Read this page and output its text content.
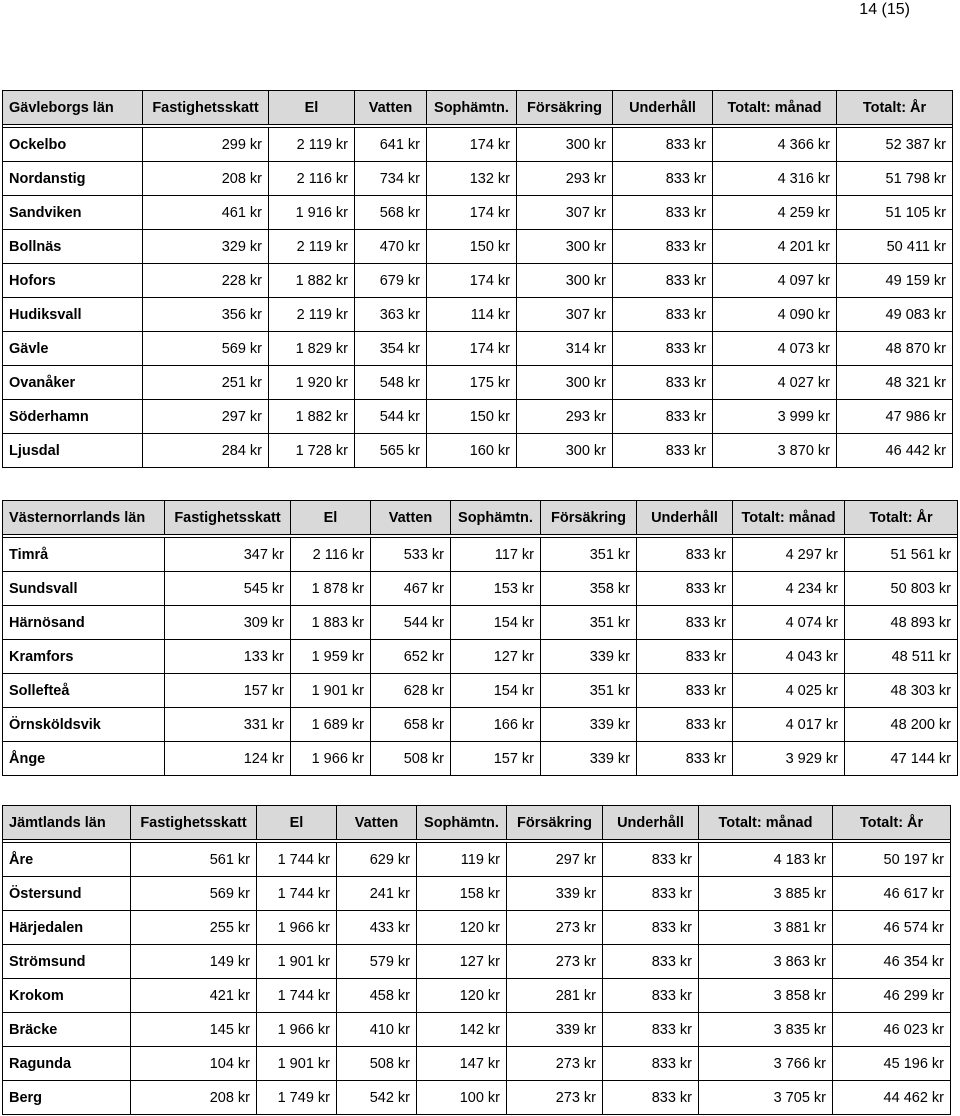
14 (15)
Gävleborgs län	Fastighetsskatt	El	Vatten	Sophämtn.	Försäkring	Underhåll	Totalt: månad	Totalt: År

Ockelbo	299 kr	2 119 kr	641 kr	174 kr	300 kr	833 kr	4 366 kr	52 387 kr
Nordanstig	208 kr	2 116 kr	734 kr	132 kr	293 kr	833 kr	4 316 kr	51 798 kr
Sandviken	461 kr	1 916 kr	568 kr	174 kr	307 kr	833 kr	4 259 kr	51 105 kr
Bollnäs	329 kr	2 119 kr	470 kr	150 kr	300 kr	833 kr	4 201 kr	50 411 kr
Hofors	228 kr	1 882 kr	679 kr	174 kr	300 kr	833 kr	4 097 kr	49 159 kr
Hudiksvall	356 kr	2 119 kr	363 kr	114 kr	307 kr	833 kr	4 090 kr	49 083 kr
Gävle	569 kr	1 829 kr	354 kr	174 kr	314 kr	833 kr	4 073 kr	48 870 kr
Ovanåker	251 kr	1 920 kr	548 kr	175 kr	300 kr	833 kr	4 027 kr	48 321 kr
Söderhamn	297 kr	1 882 kr	544 kr	150 kr	293 kr	833 kr	3 999 kr	47 986 kr
Ljusdal	284 kr	1 728 kr	565 kr	160 kr	300 kr	833 kr	3 870 kr	46 442 kr
Västernorrlands län	Fastighetsskatt	El	Vatten	Sophämtn.	Försäkring	Underhåll	Totalt: månad	Totalt: År

Timrå	347 kr	2 116 kr	533 kr	117 kr	351 kr	833 kr	4 297 kr	51 561 kr
Sundsvall	545 kr	1 878 kr	467 kr	153 kr	358 kr	833 kr	4 234 kr	50 803 kr
Härnösand	309 kr	1 883 kr	544 kr	154 kr	351 kr	833 kr	4 074 kr	48 893 kr
Kramfors	133 kr	1 959 kr	652 kr	127 kr	339 kr	833 kr	4 043 kr	48 511 kr
Sollefteå	157 kr	1 901 kr	628 kr	154 kr	351 kr	833 kr	4 025 kr	48 303 kr
Örnsköldsvik	331 kr	1 689 kr	658 kr	166 kr	339 kr	833 kr	4 017 kr	48 200 kr
Ånge	124 kr	1 966 kr	508 kr	157 kr	339 kr	833 kr	3 929 kr	47 144 kr
Jämtlands län	Fastighetsskatt	El	Vatten	Sophämtn.	Försäkring	Underhåll	Totalt: månad	Totalt: År

Åre	561 kr	1 744 kr	629 kr	119 kr	297 kr	833 kr	4 183 kr	50 197 kr
Östersund	569 kr	1 744 kr	241 kr	158 kr	339 kr	833 kr	3 885 kr	46 617 kr
Härjedalen	255 kr	1 966 kr	433 kr	120 kr	273 kr	833 kr	3 881 kr	46 574 kr
Strömsund	149 kr	1 901 kr	579 kr	127 kr	273 kr	833 kr	3 863 kr	46 354 kr
Krokom	421 kr	1 744 kr	458 kr	120 kr	281 kr	833 kr	3 858 kr	46 299 kr
Bräcke	145 kr	1 966 kr	410 kr	142 kr	339 kr	833 kr	3 835 kr	46 023 kr
Ragunda	104 kr	1 901 kr	508 kr	147 kr	273 kr	833 kr	3 766 kr	45 196 kr
Berg	208 kr	1 749 kr	542 kr	100 kr	273 kr	833 kr	3 705 kr	44 462 kr
